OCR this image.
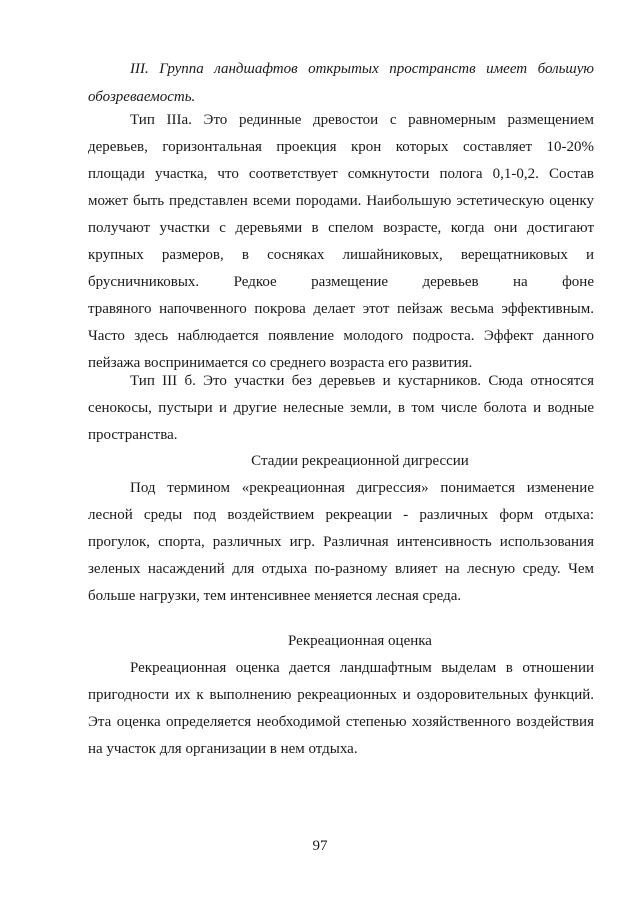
III. Группа ландшафтов открытых пространств имеет большую
обозреваемость.
Тип IIIа. Это рединные древостои с равномерным размещением
деревьев, горизонтальная проекция крон которых составляет 10-20%
площади участка, что соответствует сомкнутости полога 0,1-0,2. Состав
может быть представлен всеми породами. Наибольшую эстетическую оценку
получают участки с деревьями в спелом возрасте, когда они достигают
крупных размеров, в сосняках лишайниковых, верещатниковых и
брусничниковых. Редкое размещение деревьев на фоне
травяного напочвенного покрова делает этот пейзаж весьма эффективным.
Часто здесь наблюдается появление молодого подроста. Эффект данного
пейзажа воспринимается со среднего возраста его развития.
Тип III б. Это участки без деревьев и кустарников. Сюда относятся
сенокосы, пустыри и другие нелесные земли, в том числе болота и водные
пространства.
Стадии рекреационной дигрессии
Под термином «рекреационная дигрессия» понимается изменение
лесной среды под воздействием рекреации - различных форм отдыха:
прогулок, спорта, различных игр. Различная интенсивность использования
зеленых насаждений для отдыха по-разному влияет на лесную среду. Чем
больше нагрузки, тем интенсивнее меняется лесная среда.
Рекреационная оценка
Рекреационная оценка дается ландшафтным выделам в отношении
пригодности их к выполнению рекреационных и оздоровительных функций.
Эта оценка определяется необходимой степенью хозяйственного воздействия
на участок для организации в нем отдыха.
97
